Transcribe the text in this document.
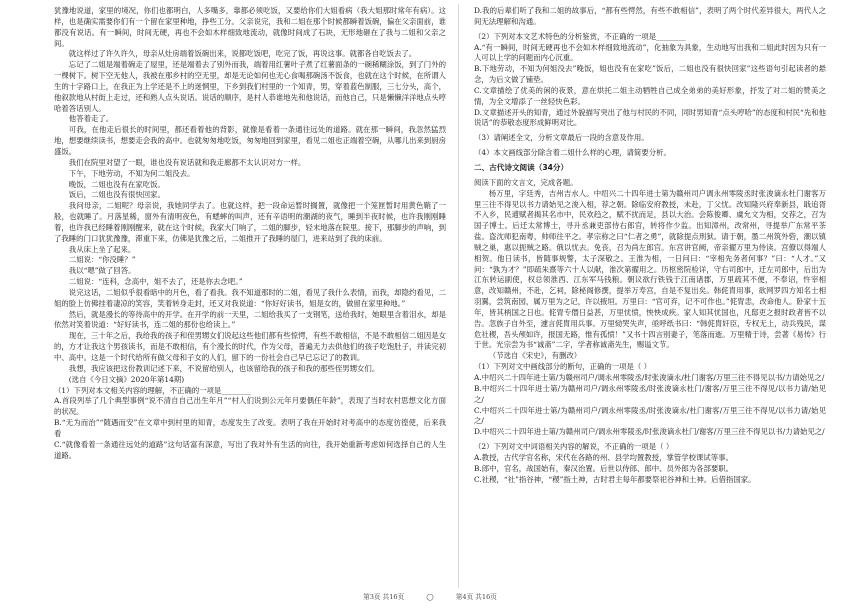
犹豫地说道，家里的境况，你们也都明白，人多嘴多，靠都必须吃饭，又要给你们大姐看病（我大姐那时常年有病）。这样，也是确实需要你们有一个留在家里种地，挣些工分。父亲说完，我和二姐在那个时候都瞬着饭碗，偏在父亲面前，谁都没有说话。有一瞬间，时间无硬，再也不会如木样细致地流动，就像时间成了石块，无形地砸在了我与二姐和父亲之间。

就这样过了许久许久，母亲从灶房端着饭碗出来，说都吃饭吧，吃完了饭，再说这事。就都各自吃饭去了。

忘记了二姐是端着碗走了屋里，还是端着去了别外而我，端着用红薯叶子煮了红薯面条的一碗稀糊涂饭，到了门外的一棵树下。树下空无他人，我被在那乡村的空无里，却是无论如何也无心食喝那碗汤不饭食，也就在这个时候，在所谓人生的十字路口上，在我正为上学还是不上的迷惘里，下乡到我们村里的一个知青，男，穿着蓝色制服，三七分头，高个，他叙款地从村街上走过，还和熟人点头说话。说话的顺序，是村人恭谁地先和他说话，而他自己，只是懒懒洋洋地点头哼哈着答话别人。

他答着走了。

可我，在他走后很长的时间里，都还看着他的背影，就像是看着一条通往远处的道路。就在那一瞬间，我忽然猛烈地，想要继续读书，想要走会我的高中。也就匆匆地吃饭，匆匆地回到家里，看见二姐也正端着空碗，从哪儿出来到厨房盛饭。

我们在院里对望了一眼，谁也没有说话就和我走廊都不太认识对方一样。

下午，下地劳动，不知为何二姐没去。

晚饭，二姐也没有在家吃饭。

饭后，二姐也没有很快回家。

我问母亲，二姐呢？母亲说，我她同学去了。也就这样，把一段命运暂时搁置，就像把一个笼匣暂时用黄色鞘了一般，也就睡了。月落星稀，窗外有清明夜色，有蟋蟀的叫声，还有辛语明的潮湖的夜气，睡到半夜时候，也许我刚刚睡着，也许我已经睡着刚刚醒来，就在这个时候，我家大门响了，二姐的脚步，轻末地落在院里。接下，那脚步的声响，到了我睡的门口犹犹豫豫，滞重下来，仿佛是犹豫之后，二姐推开了我睡的屋门，进来站到了我的床前。

我从床上坐了起来。

二姐说：“你没睡？”

我以“嗯”做了回答。

二姐说：“连科，念高中，姐不去了，还是你去念吧。”

说完这话，二姐似乎很看暗中的月色，看了看我。我不知道那时的二姐，看见了我什么表情，而我，却隐约看见，二姐的脸上仿佛挂着凄凉的笑容，笑着转身走封，还又对我说道：“你好好读书，姐是女的，做留在家里种地。”

然后，就是漫长的等待高中的开学。在开学的前一天里，二姐给我买了一支钢笔，送给我时，她眼里含着泪水，却是依然对笑着说道：“好好读书，连二姐的那份也给读上。”

现在，三十年之后，我给我的孩子和侄男甥女们说起这些他们都有些惊愕，有些不敢相信，不是不敢相信二姐因是女的，方才让我这个男孩读书，而是不敢相信，有个漫长的时代，作为父母，普遍无力去供他们的孩子吃饱肚子，并读完初中、高中。这是一个时代给所有做父母和子女的人们，留下的一份社会自己早已忘记了的教训。

我想，我应该把这份教训记述下来，不说留给别人，也该留给我的孩子和我的那些侄男甥女们。

(选自《今日文摘》2020年第14期)

（1）下列对本文相关内容的理解，不正确的一项是________

A.首段列举了几个典型事例“说不清自自己出生年月”“村人们说到公元年月要偶任年龄”，表现了当时农村思想文化方面的状况。

B.“无为而治”“随遇而安”在文章中到村里的知青，态度发生了改变。表明了我在开始时对考高中的态度彷徨使，后来我看

C.“就像看着一条通往远处的道路”这句话富有深意，写出了我对外有生活的向往，我开始重新考虑如何选择自己的人生道路。

D.我的后辈们听了我和二姐的故事后，“都有些愕然，有些不敢相信”，表明了两个时代差异很大，两代人之间无法理解和沟通。

（2）下列对本文艺术特色的分析鉴赏，不正确的一项是________

A.“有一瞬间，时间无硬再也不会如木样细致地流动”，化抽象为具象，生动地写出我和二姐此时因为只有一人可以上学的问题而内心沉重。

B.下地劳动，不知为何姐没去”晚饭，姐也没有在家吃”饭后，二姐也没有很快回家”这些语句引起读者的悬念，为后文做了铺垫。

C.文章描绘了优美的闲的夜景，意在烘托二姐主动牺牲自己成全弟弟的美好形象，抒发了对二姐的赞美之情，为全文增添了一丝轻快色彩。

D.文章描述开头的知青，通过外貌描写突出了他与村民的不同，同时男知青“点头哼哈”的态度和村民“先和他说话”的恭敬态度形成鲜明对比。

（3）请阐述全文，分析文章最后一段的含意及作用。

（4）本文画线部分除含着二姐什么样的心理，请简要分析。

二、古代诗文阅读（34分）

阅读下面的文言文，完成各题。

杨万里，字廷秀，吉州吉水人。中绍兴二十四年进士第为赣州司户调永州零陵丞时张浚谪永杜门谢客万里三往不得见以书力请始见之浚入相，荐之朝。除临安府教授，未赴，丁父忧。改知隆兴府奉新县，戢追胥不入乡，民逋赋者揭其名市中，民欢趋之，赋不扰而足，县以大治。会陈俊卿、虞允文为相，交荐之，召为国子博士。后迁太常博士，寻升丞兼吏部侍右郎官，转将作少监。出知漳州，改常州，寻提举广东常平茶盐。盗沈师犯南粤，帅师往平之。孝宗称之曰“仁者之勇”，就除提点刑狱。请于朝，墨二州筑外砦，潮以镇贼之巢，惠以扼贼之路。俄以忧去。免丧，召为尚左郎官。东宫讲官阙，帝亲擢万里为侍读。宫僚以得端人相贺。他日读书，皆随事规警，太子深敬之。王淮为相，一日问曰：“宰相先务者何事？”曰：“人才。”又问：“孰为才？”即疏朱熹等六十人以献，淮次第擢用之。历枢密院检详，守右司郎中，迁左司郎中，后出为江东转运副使，权总领淮西、江东军马钱粮。朝议欲行铁钱于江南诸郡，万里疏其不便，不奉诏，忤宰相意，改知赣州，不赴，乞祠，除秘阁修撰，提举万寿宫，自是不复出矣。韩侂胄用事，欲网罗四方知名士相羽翼，尝筑南园，属万里为之记，许以掖垣。万里曰：“官可弃，记不可作也。”侂胄恚，改命他人。卧家十五年，皆其柄国之日也。侂胄专僭日益甚，万里忧愤，怏怏成疾。家人知其忧国也，凡邸吏之报时政者皆不以告。忽族子自外至，遽言侂胄用兵事。万里恸哭失声，亟呼纸书曰：“韩侂胄奸臣，专权无上，动兵残民，谋危社稷，吾头颅如许，报国无路，惟有孤愤！”又书十四言别妻子，笔落而逝。万里精于诗，尝著《易传》行于世。光宗尝为书“诚斋”二字，学者称诚斋先生，赐谥文节。

（节选自《宋史》，有删改）

（1）下列对文中画线部分的断句，正确的一项是（ ）

A.中绍兴二十四年进士第/为赣州司户/调永州零陵丞/时张浚谪永/杜门谢客/万里三往不得见以书/力请始见之/

B.中绍兴二十四年进士第/为赣州司户/调永州零陵丞/时张浚谪永杜门/谢客/万里三往不得见/以书力请/始见之/

C.中绍兴二十四年进士第/为赣州司户/调永州零陵丞/时张浚谪永/杜门谢客/万里三往不得见/以书力请/始见之/

D.中绍兴二十四年进士第/为赣州司户/调永州零陵丞/时张浚谪永杜门/谢客/万里三往不得见以书/力请始见之/

（2）下列对文中词语相关内容的解说，不正确的一项是（ ）

A.教授，古代学官名称，宋代在各路的州、县学均置教授，掌管学校课试等事。

B.郎中，官名，战国始有，秦汉治置。后世以侍郎、郎中、员外郎为各部要职。

C.社稷，“社”指谷神，“稷”指土神，古时君主每年都要祭祀谷神和土神。后借指国家。

第3页 共16页	◯	第4页 共16页
